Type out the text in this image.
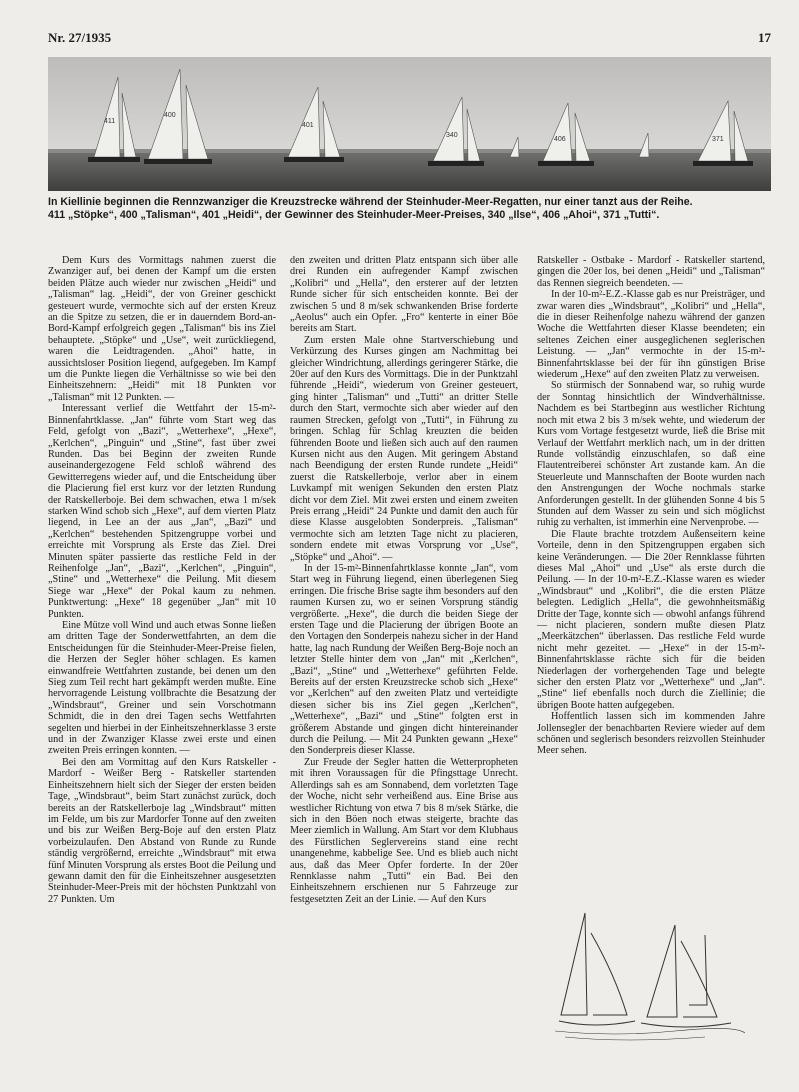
Nr. 27/1935	17
411
400
401
340
406	371
In Kiellinie beginnen die Rennzwanziger die Kreuzstrecke während der Steinhuder-Meer-Regatten, nur einer tanzt aus der Reihe.
411 „Stöpke“, 400 „Talisman“, 401 „Heidi“, der Gewinner des Steinhuder-Meer-Preises, 340 „Ilse“, 406 „Ahoi“, 371 „Tutti“.

Dem Kurs des Vormittags nahmen zuerst die Zwanziger auf, bei denen der Kampf um die ersten beiden Plätze auch wieder nur zwischen „Heidi“ und „Talisman“ lag. „Heidi“, der von Greiner geschickt gesteuert wurde, vermochte sich auf der ersten Kreuz an die Spitze zu setzen, die er in dauerndem Bord-an-Bord-Kampf erfolgreich gegen „Talisman“ bis ins Ziel behauptete. „Stöpke“ und „Use“, weit zurückliegend, waren die Leidtragenden. „Ahoi“ hatte, in aussichtsloser Position liegend, aufgegeben. Im Kampf um die Punkte liegen die Verhältnisse so wie bei den Einheitszehnern: „Heidi“ mit 18 Punkten vor „Talisman“ mit 12 Punkten. —

Interessant verlief die Wettfahrt der 15-m²-Binnenfahrtklasse. „Jan“ führte vom Start weg das Feld, gefolgt von „Bazi“, „Wetterhexe“, „Hexe“, „Kerlchen“, „Pinguin“ und „Stine“, fast über zwei Runden. Das bei Beginn der zweiten Runde auseinandergezogene Feld schloß während des Gewitterregens wieder auf, und die Entscheidung über die Placierung fiel erst kurz vor der letzten Rundung der Ratskellerboje. Bei dem schwachen, etwa 1 m/sek starken Wind schob sich „Hexe“, auf dem vierten Platz liegend, in Lee an der aus „Jan“, „Bazi“ und „Kerlchen“ bestehenden Spitzengruppe vorbei und erreichte mit Vorsprung als Erste das Ziel. Drei Minuten später passierte das restliche Feld in der Reihenfolge „Jan“, „Bazi“, „Kerlchen“, „Pinguin“, „Stine“ und „Wetterhexe“ die Peilung. Mit diesem Siege war „Hexe“ der Pokal kaum zu nehmen. Punktwertung: „Hexe“ 18 gegenüber „Jan“ mit 10 Punkten.

Eine Mütze voll Wind und auch etwas Sonne ließen am dritten Tage der Sonderwettfahrten, an dem die Entscheidungen für die Steinhuder-Meer-Preise fielen, die Herzen der Segler höher schlagen. Es kamen einwandfreie Wettfahrten zustande, bei denen um den Sieg zum Teil recht hart gekämpft werden mußte. Eine hervorragende Leistung vollbrachte die Besatzung der „Windsbraut“, Greiner und sein Vorschotmann Schmidt, die in den drei Tagen sechs Wettfahrten segelten und hierbei in der Einheitszehnerklasse 3 erste und in der Zwanziger Klasse zwei erste und einen zweiten Preis erringen konnten. —

Bei den am Vormittag auf den Kurs Ratskeller - Mardorf - Weißer Berg - Ratskeller startenden Einheitszehnern hielt sich der Sieger der ersten beiden Tage, „Windsbraut“, beim Start zunächst zurück, doch bereits an der Ratskellerboje lag „Windsbraut“ mitten im Felde, um bis zur Mardorfer Tonne auf den zweiten und bis zur Weißen Berg-Boje auf den ersten Platz vorbeizulaufen. Den Abstand von Runde zu Runde ständig vergrößernd, erreichte „Windsbraut“ mit etwa fünf Minuten Vorsprung als erstes Boot die Peilung und gewann damit den für die Einheitszehner ausgesetzten Steinhuder-Meer-Preis mit der höchsten Punktzahl von 27 Punkten. Um

den zweiten und dritten Platz entspann sich über alle drei Runden ein aufregender Kampf zwischen „Kolibri“ und „Hella“, den ersterer auf der letzten Runde sicher für sich entscheiden konnte. Bei der zwischen 5 und 8 m/sek schwankenden Brise forderte „Aeolus“ auch ein Opfer. „Fro“ kenterte in einer Böe bereits am Start.

Zum ersten Male ohne Startverschiebung und Verkürzung des Kurses gingen am Nachmittag bei gleicher Windrichtung, allerdings geringerer Stärke, die 20er auf den Kurs des Vormittags. Die in der Punktzahl führende „Heidi“, wiederum von Greiner gesteuert, ging hinter „Talisman“ und „Tutti“ an dritter Stelle durch den Start, vermochte sich aber wieder auf den raumen Strecken, gefolgt von „Tutti“, in Führung zu bringen. Schlag für Schlag kreuzten die beiden führenden Boote und ließen sich auch auf den raumen Kursen nicht aus den Augen. Mit geringem Abstand nach Beendigung der ersten Runde rundete „Heidi“ zuerst die Ratskellerboje, verlor aber in einem Luvkampf mit wenigen Sekunden den ersten Platz dicht vor dem Ziel. Mit zwei ersten und einem zweiten Preis errang „Heidi“ 24 Punkte und damit den auch für diese Klasse ausgelobten Sonderpreis. „Talisman“ vermochte sich am letzten Tage nicht zu placieren, sondern endete mit etwas Vorsprung vor „Use“, „Stöpke“ und „Ahoi“. —

In der 15-m²-Binnenfahrtklasse konnte „Jan“, vom Start weg in Führung liegend, einen überlegenen Sieg erringen. Die frische Brise sagte ihm besonders auf den raumen Kursen zu, wo er seinen Vorsprung ständig vergrößerte. „Hexe“, die durch die beiden Siege der ersten Tage und die Placierung der übrigen Boote an den Vortagen den Sonderpeis nahezu sicher in der Hand hatte, lag nach Rundung der Weißen Berg-Boje noch an letzter Stelle hinter dem von „Jan“ mit „Kerlchen“, „Bazi“, „Stine“ und „Wetterhexe“ geführten Felde. Bereits auf der ersten Kreuzstrecke schob sich „Hexe“ vor „Kerlchen“ auf den zweiten Platz und verteidigte diesen sicher bis ins Ziel gegen „Kerlchen“, „Wetterhexe“, „Bazi“ und „Stine“ folgten erst in größerem Abstande und gingen dicht hintereinander durch die Peilung. — Mit 24 Punkten gewann „Hexe“ den Sonderpreis dieser Klasse.

Zur Freude der Segler hatten die Wetterpropheten mit ihren Voraussagen für die Pfingsttage Unrecht. Allerdings sah es am Sonnabend, dem vorletzten Tage der Woche, nicht sehr verheißend aus. Eine Brise aus westlicher Richtung von etwa 7 bis 8 m/sek Stärke, die sich in den Böen noch etwas steigerte, brachte das Meer ziemlich in Wallung. Am Start vor dem Klubhaus des Fürstlichen Seglervereins stand eine recht unangenehme, kabbelige See. Und es blieb auch nicht aus, daß das Meer Opfer forderte. In der 20er Rennklasse nahm „Tutti“ ein Bad. Bei den Einheitszehnern erschienen nur 5 Fahrzeuge zur festgesetzten Zeit an der Linie. — Auf den Kurs

Ratskeller - Ostbake - Mardorf - Ratskeller startend, gingen die 20er los, bei denen „Heidi“ und „Talisman“ das Rennen siegreich beendeten. —

In der 10-m²-E.Z.-Klasse gab es nur Preisträger, und zwar waren dies „Windsbraut“, „Kolibri“ und „Hella“, die in dieser Reihenfolge nahezu während der ganzen Woche die Wettfahrten dieser Klasse beendeten; ein seltenes Zeichen einer ausgeglichenen seglerischen Leistung. — „Jan“ vermochte in der 15-m²-Binnenfahrtsklasse bei der für ihn günstigen Brise wiederum „Hexe“ auf den zweiten Platz zu verweisen.

So stürmisch der Sonnabend war, so ruhig wurde der Sonntag hinsichtlich der Windverhältnisse. Nachdem es bei Startbeginn aus westlicher Richtung noch mit etwa 2 bis 3 m/sek wehte, und wiederum der Kurs vom Vortage festgesetzt wurde, ließ die Brise mit Verlauf der Wettfahrt merklich nach, um in der dritten Runde vollständig einzuschlafen, so daß eine Flautentreiberei schönster Art zustande kam. An die Steuerleute und Mannschaften der Boote wurden nach den Anstrengungen der Woche nochmals starke Anforderungen gestellt. In der glühenden Sonne 4 bis 5 Stunden auf dem Wasser zu sein und sich möglichst ruhig zu verhalten, ist immerhin eine Nervenprobe. —

Die Flaute brachte trotzdem Außenseitern keine Vorteile, denn in den Spitzengruppen ergaben sich keine Veränderungen. — Die 20er Rennklasse führten dieses Mal „Ahoi“ und „Use“ als erste durch die Peilung. — In der 10-m²-E.Z.-Klasse waren es wieder „Windsbraut“ und „Kolibri“, die die ersten Plätze belegten. Lediglich „Hella“, die gewohnheitsmäßig Dritte der Tage, konnte sich — obwohl anfangs führend — nicht placieren, sondern mußte diesen Platz „Meerkätzchen“ überlassen. Das restliche Feld wurde nicht mehr gezeitet. — „Hexe“ in der 15-m²-Binnenfahrtsklasse rächte sich für die beiden Niederlagen der vorhergehenden Tage und belegte sicher den ersten Platz vor „Wetterhexe“ und „Jan“. „Stine“ lief ebenfalls noch durch die Ziellinie; die übrigen Boote hatten aufgegeben.

Hoffentlich lassen sich im kommenden Jahre Jollensegler der benachbarten Reviere wieder auf dem schönen und seglerisch besonders reizvollen Steinhuder Meer sehen.
